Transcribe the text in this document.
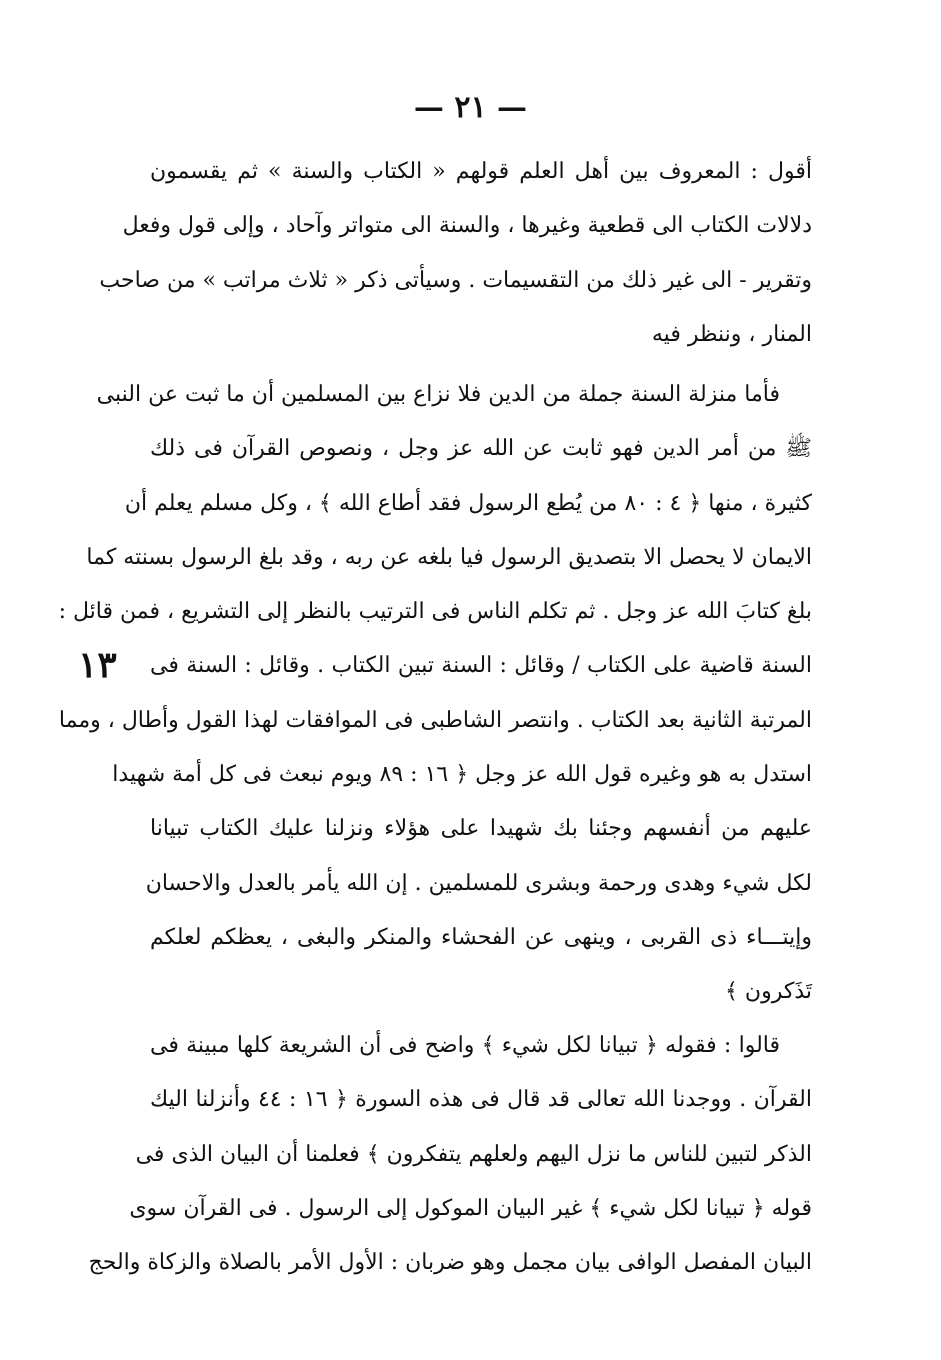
— ٢١ —
١٣
أقول : المعروف بين أهل العلم قولهم « الكتاب والسنة » ثم يقسمون
دلالات الكتاب الى قطعية وغيرها ، والسنة الى متواتر وآحاد ، وإلى قول وفعل
وتقرير - الى غير ذلك من التقسيمات . وسيأتى ذكر « ثلاث مراتب » من صاحب
المنار ، وننظر فيه
فأما منزلة السنة جملة من الدين فلا نزاع بين المسلمين أن ما ثبت عن النبى
ﷺ من أمر الدين فهو ثابت عن الله عز وجل ، ونصوص القرآن فى ذلك
كثيرة ، منها ﴿ ٤ : ٨٠ من يُطع الرسول فقد أطاع الله ﴾ ، وكل مسلم يعلم أن
الايمان لا يحصل الا بتصديق الرسول فيا بلغه عن ربه ، وقد بلغ الرسول بسنته كما
بلغ كتابَ الله عز وجل . ثم تكلم الناس فى الترتيب بالنظر إلى التشريع ، فمن قائل :
السنة قاضية على الكتاب / وقائل : السنة تبين الكتاب . وقائل : السنة فى
المرتبة الثانية بعد الكتاب . وانتصر الشاطبى فى الموافقات لهذا القول وأطال ، ومما
استدل به هو وغيره قول الله عز وجل ﴿ ١٦ : ٨٩ ويوم نبعث فى كل أمة شهيدا
عليهم من أنفسهم وجئنا بك شهيدا على هؤلاء ونزلنا عليك الكتاب تبيانا
لكل شيء وهدى ورحمة وبشرى للمسلمين . إن الله يأمر بالعدل والاحسان
وإيتـــاء ذى القربى ، وينهى عن الفحشاء والمنكر والبغى ، يعظكم لعلكم
تَذَكرون ﴾
قالوا : فقوله ﴿ تبيانا لكل شيء ﴾ واضح فى أن الشريعة كلها مبينة فى
القرآن . ووجدنا الله تعالى قد قال فى هذه السورة ﴿ ١٦ : ٤٤ وأنزلنا اليك
الذكر لتبين للناس ما نزل اليهم ولعلهم يتفكرون ﴾ فعلمنا أن البيان الذى فى
قوله ﴿ تبيانا لكل شيء ﴾ غير البيان الموكول إلى الرسول . فى القرآن سوى
البيان المفصل الوافى بيان مجمل وهو ضربان : الأول الأمر بالصلاة والزكاة والحج
